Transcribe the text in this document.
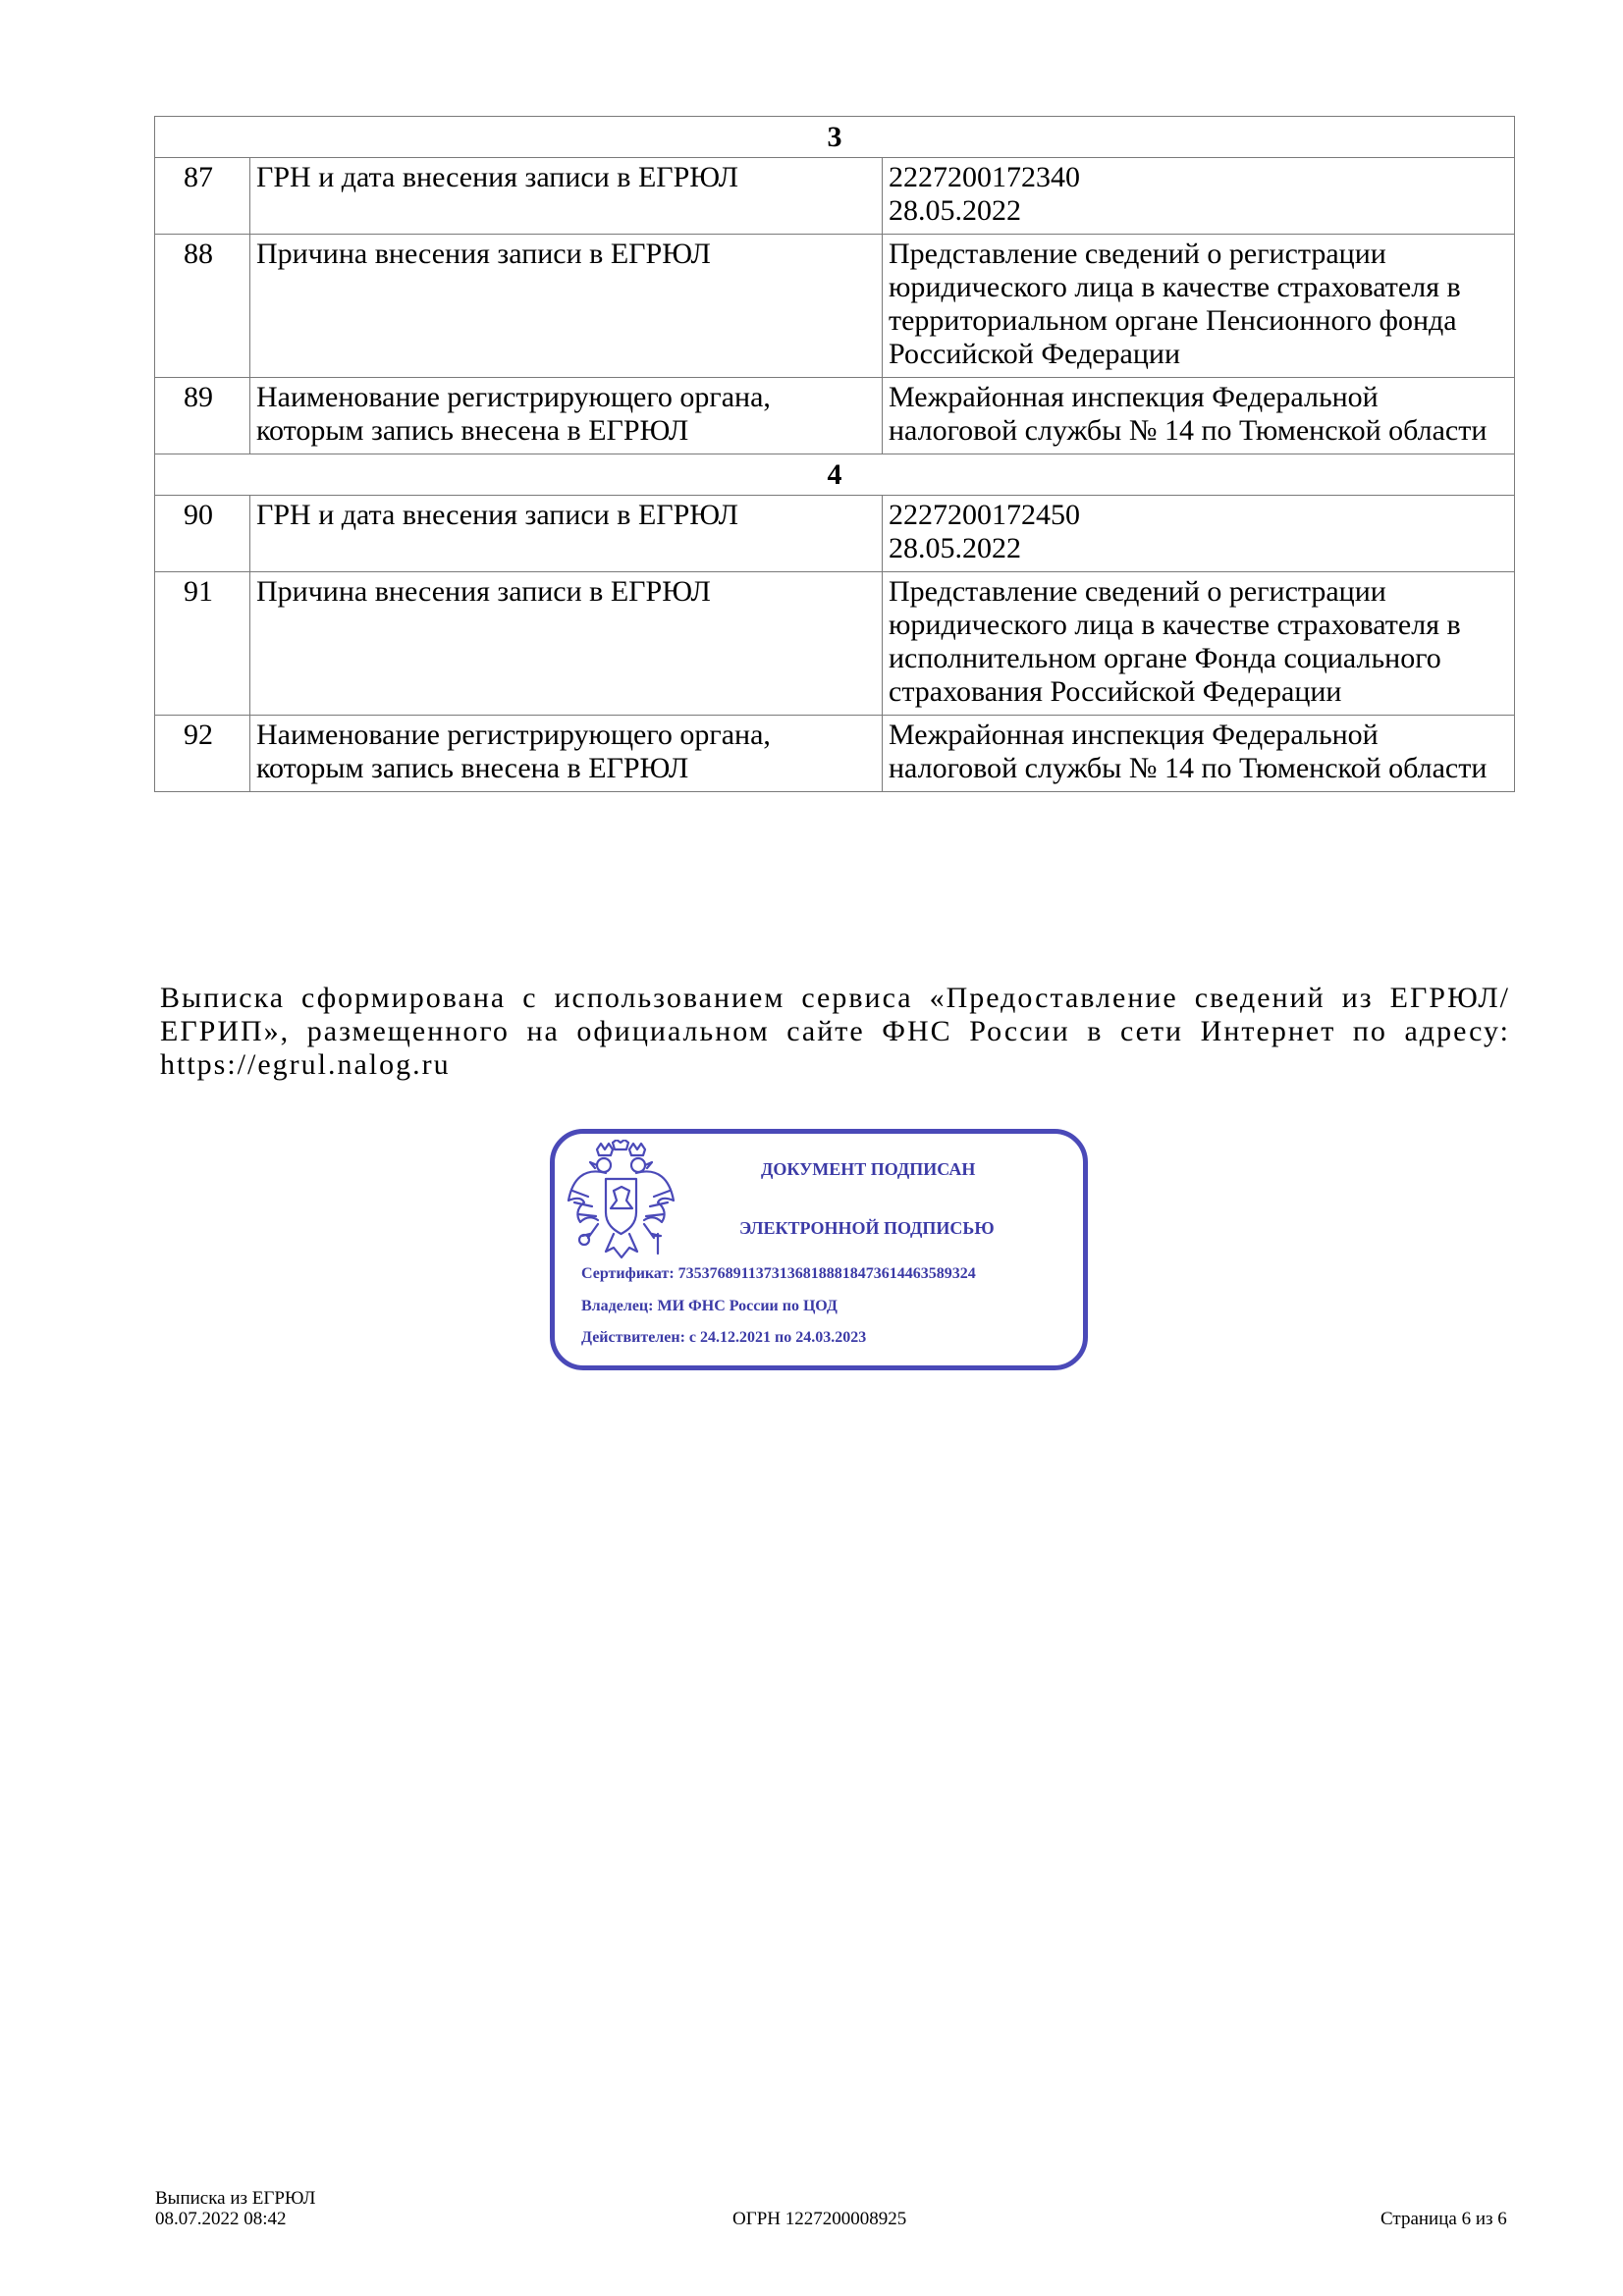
3		
87	ГРН и дата внесения записи в ЕГРЮЛ	2227200172340
28.05.2022

88	Причина внесения записи в ЕГРЮЛ	Представление сведений о регистрации юридического лица в качестве страхователя в территориальном органе Пенсионного фонда Российской Федерации
89	Наименование регистрирующего органа, которым запись внесена в ЕГРЮЛ	Межрайонная инспекция Федеральной налоговой службы № 14 по Тюменской области
4		
90	ГРН и дата внесения записи в ЕГРЮЛ	2227200172450
28.05.2022

91	Причина внесения записи в ЕГРЮЛ	Представление сведений о регистрации юридического лица в качестве страхователя в исполнительном органе Фонда социального страхования Российской Федерации
92	Наименование регистрирующего органа, которым запись внесена в ЕГРЮЛ	Межрайонная инспекция Федеральной налоговой службы № 14 по Тюменской области
Выписка сформирована с использованием сервиса «Предоставление сведений из ЕГРЮЛ/ЕГРИП», размещенного на официальном сайте ФНС России в сети Интернет по адресу: https://egrul.nalog.ru
ДОКУМЕНТ ПОДПИСАН
ЭЛЕКТРОННОЙ ПОДПИСЬЮ
Сертификат: 73537689113731368188818473614463589324
Владелец: МИ ФНС России по ЦОД
Действителен: с 24.12.2021 по 24.03.2023
Выписка из ЕГРЮЛ
08.07.2022 08:42	ОГРН 1227200008925	Страница 6 из 6
